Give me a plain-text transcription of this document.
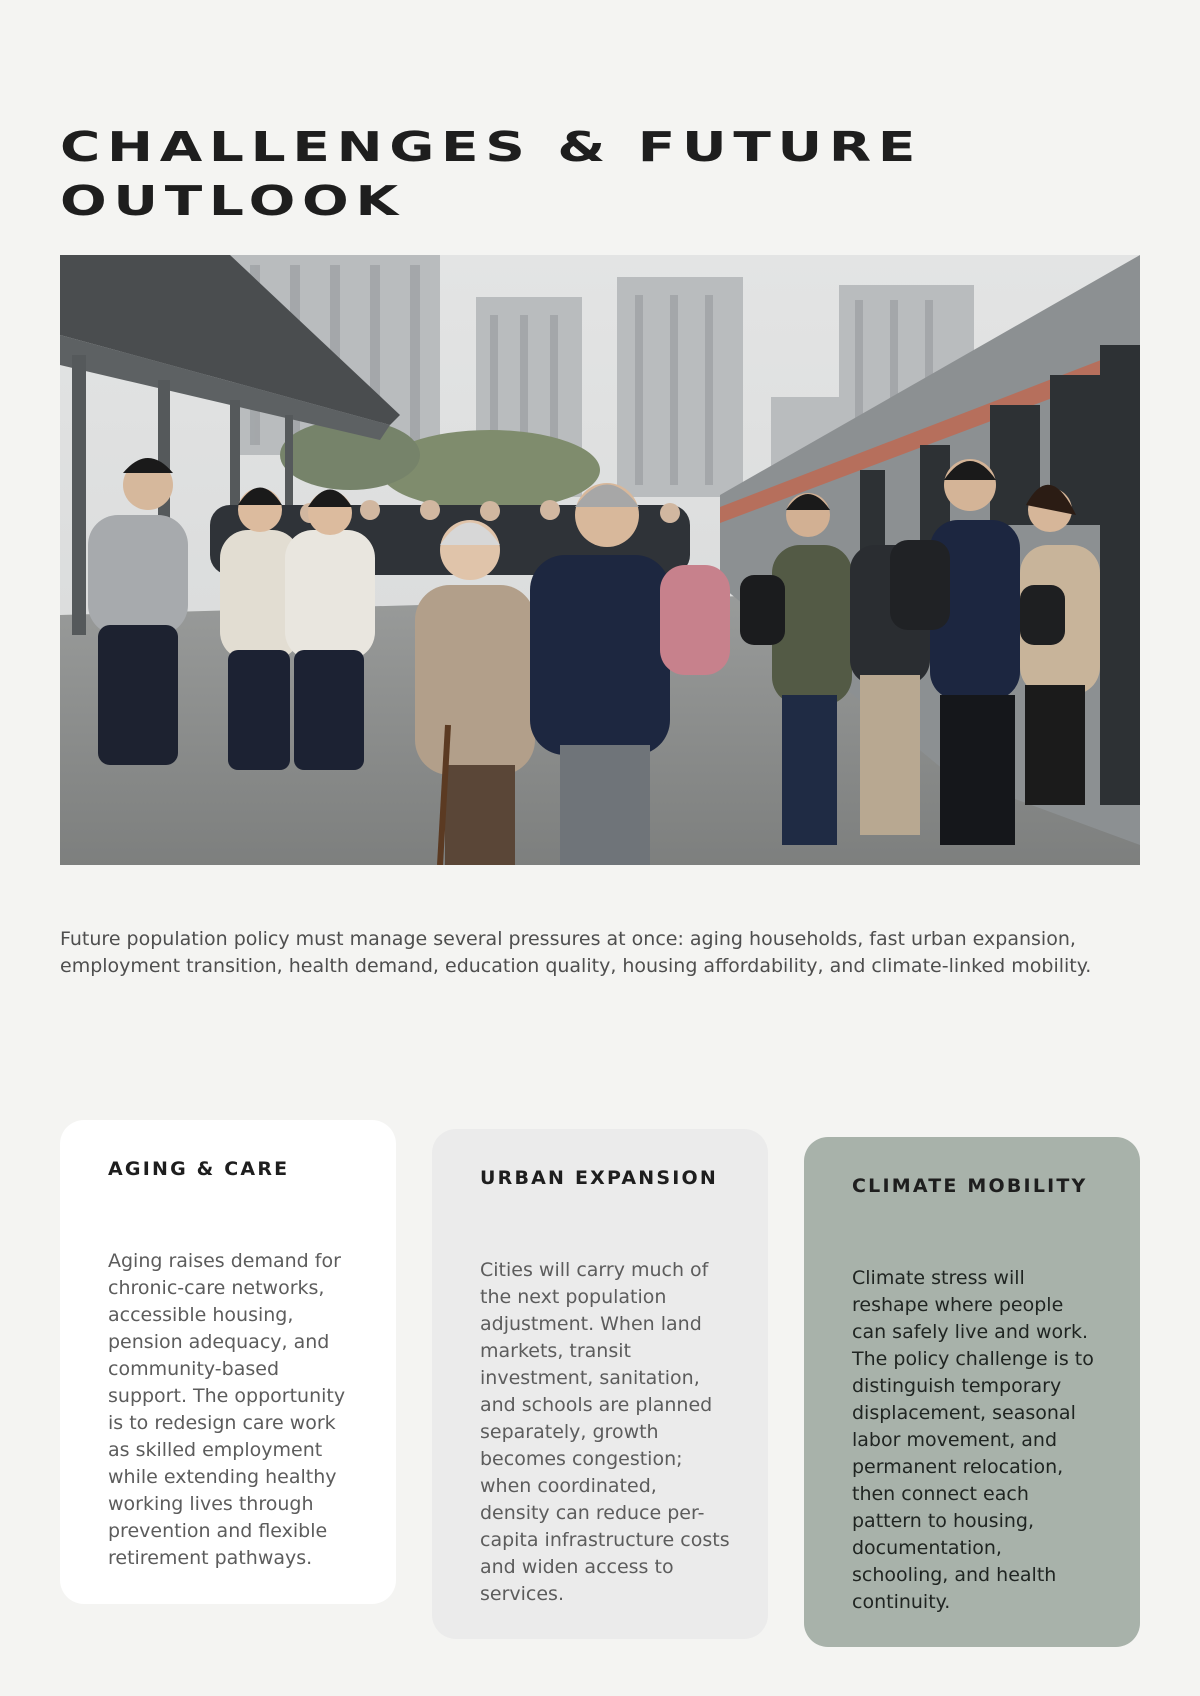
CHALLENGES & FUTURE
OUTLOOK

Future population policy must manage several pressures at once: aging households, fast urban expansion, employment transition, health demand, education quality, housing affordability, and climate-linked mobility.

AGING & CARE

Aging raises demand for chronic-care networks, accessible housing, pension adequacy, and community-based support. The opportunity is to redesign care work as skilled employment while extending healthy working lives through prevention and flexible retirement pathways.

URBAN EXPANSION

Cities will carry much of the next population adjustment. When land markets, transit investment, sanitation, and schools are planned separately, growth becomes congestion; when coordinated, density can reduce per-capita infrastructure costs and widen access to services.

CLIMATE MOBILITY

Climate stress will reshape where people can safely live and work. The policy challenge is to distinguish temporary displacement, seasonal labor movement, and permanent relocation, then connect each pattern to housing, documentation, schooling, and health continuity.
